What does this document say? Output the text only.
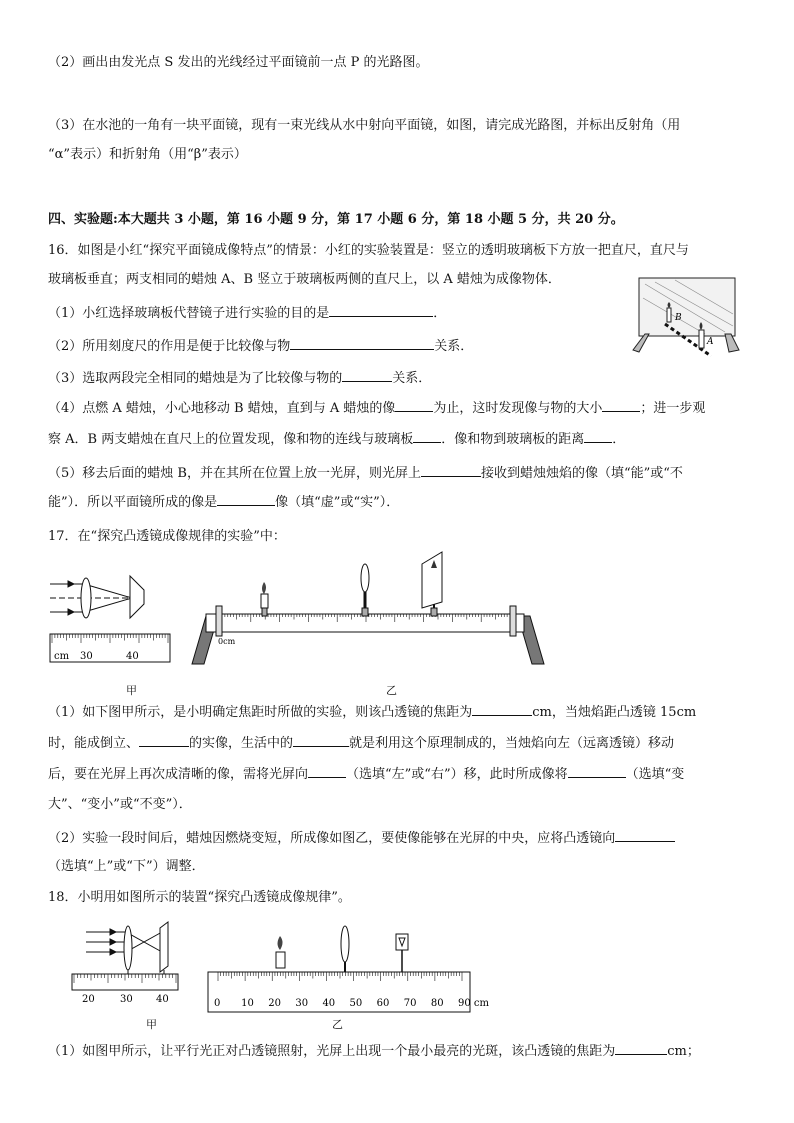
（2）画出由发光点 S 发出的光线经过平面镜前一点 P 的光路图。
（3）在水池的一角有一块平面镜，现有一束光线从水中射向平面镜，如图，请完成光路图，并标出反射角（用
“α”表示）和折射角（用“β”表示）
四、实验题:本大题共 3 小题，第 16 小题 9 分，第 17 小题 6 分，第 18 小题 5 分，共 20 分。
16．如图是小红“探究平面镜成像特点”的情景：小红的实验装置是：竖立的透明玻璃板下方放一把直尺，直尺与
玻璃板垂直；两支相同的蜡烛 A、B 竖立于玻璃板两侧的直尺上，以 A 蜡烛为成像物体．
（1）小红选择玻璃板代替镜子进行实验的目的是	．
（2）所用刻度尺的作用是便于比较像与物	关系．
（3）选取两段完全相同的蜡烛是为了比较像与物的	关系．
（4）点燃 A 蜡烛，小心地移动 B 蜡烛，直到与 A 蜡烛的像	为止，这时发现像与物的大小	；进一步观
察 A．B 两支蜡烛在直尺上的位置发现，像和物的连线与玻璃板 ．像和物到玻璃板的距离 ．
（5）移去后面的蜡烛 B，并在其所在位置上放一光屏，则光屏上	接收到蜡烛烛焰的像（填“能”或“不
能”）．所以平面镜所成的像是	像（填“虚”或“实”）．
B
A
17．在“探究凸透镜成像规律的实验”中：
cm 30	40
甲
0cm
乙
（1）如下图甲所示，是小明确定焦距时所做的实验，则该凸透镜的焦距为	cm，当烛焰距凸透镜 15cm
时，能成倒立、	的实像，生活中的	就是利用这个原理制成的，当烛焰向左（远离透镜）移动
后，要在光屏上再次成清晰的像，需将光屏向	（选填“左”或“右”）移，此时所成像将	（选填“变
大”、“变小”或“不变”）．
（2）实验一段时间后，蜡烛因燃烧变短，所成像如图乙，要使像能够在光屏的中央，应将凸透镜向
（选填“上”或“下”）调整．
18．小明用如图所示的装置“探究凸透镜成像规律”。
20	30 40
甲
0 10 20 30 40 50 60 70 80 90 cm
乙
（1）如图甲所示，让平行光正对凸透镜照射，光屏上出现一个最小最亮的光斑，该凸透镜的焦距为	cm；
